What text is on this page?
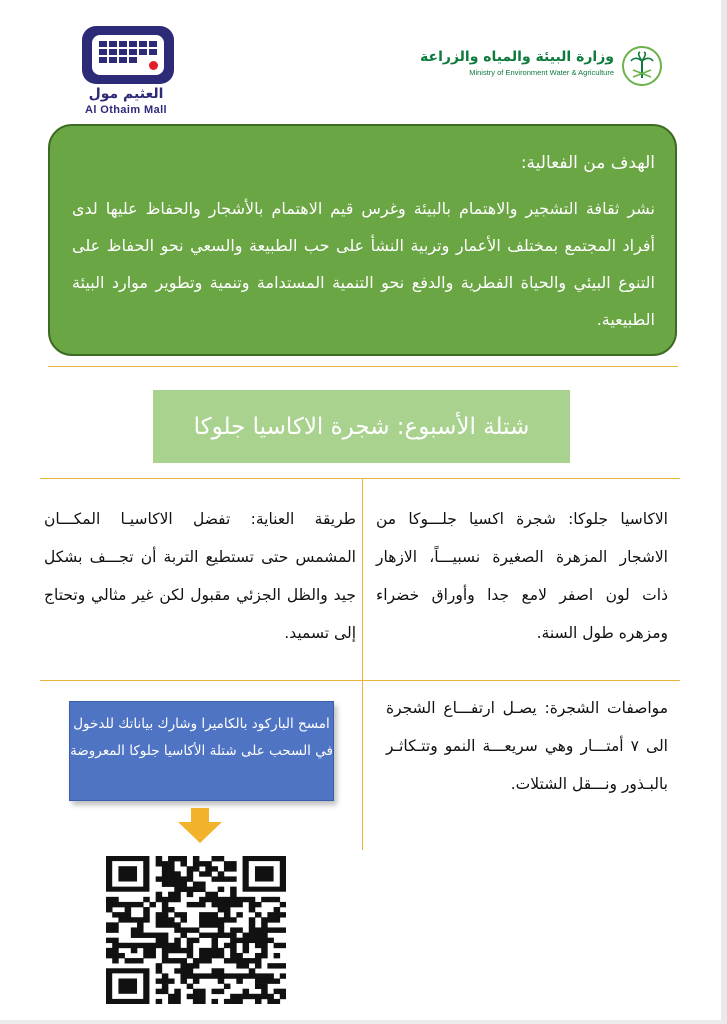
العثيم مول
Al Othaim Mall
وزارة البيئة والمياه والزراعة
Ministry of Environment Water & Agriculture
الهدف من الفعالية:
نشر ثقافة التشجير والاهتمام بالبيئة وغرس قيم الاهتمام بالأشجار والحفاظ عليها لدى أفراد المجتمع بمختلف الأعمار وتربية النشأ على حب الطبيعة والسعي نحو الحفاظ على التنوع البيئي والحياة الفطرية والدفع نحو التنمية المستدامة وتنمية وتطوير موارد البيئة الطبيعية.
شتلة الأسبوع: شجرة الاكاسيا جلوكا
الاكاسيا جلوكا: شجرة اكسيا جلـــوكا من الاشجار المزهرة الصغيرة نسبيـــاً، الازهار ذات لون اصفر لامع جدا وأوراق خضراء ومزهره طول السنة.
طريقة العناية: تفضل الاكاسيـا المكـــان المشمس حتى تستطيع التربة أن تجـــف بشكل جيد والظل الجزئي مقبول لكن غير مثالي وتحتاج إلى تسميد.
مواصفات الشجرة: يصـل ارتفـــاع الشجرة الى ٧ أمتـــار وهي سريعـــة النمو وتتـكاثـر بالبـذور ونـــقل الشتلات.
امسح الباركود بالكاميرا وشارك بياناتك للدخول في السحب على شتلة الأكاسيا جلوكا المعروضة
